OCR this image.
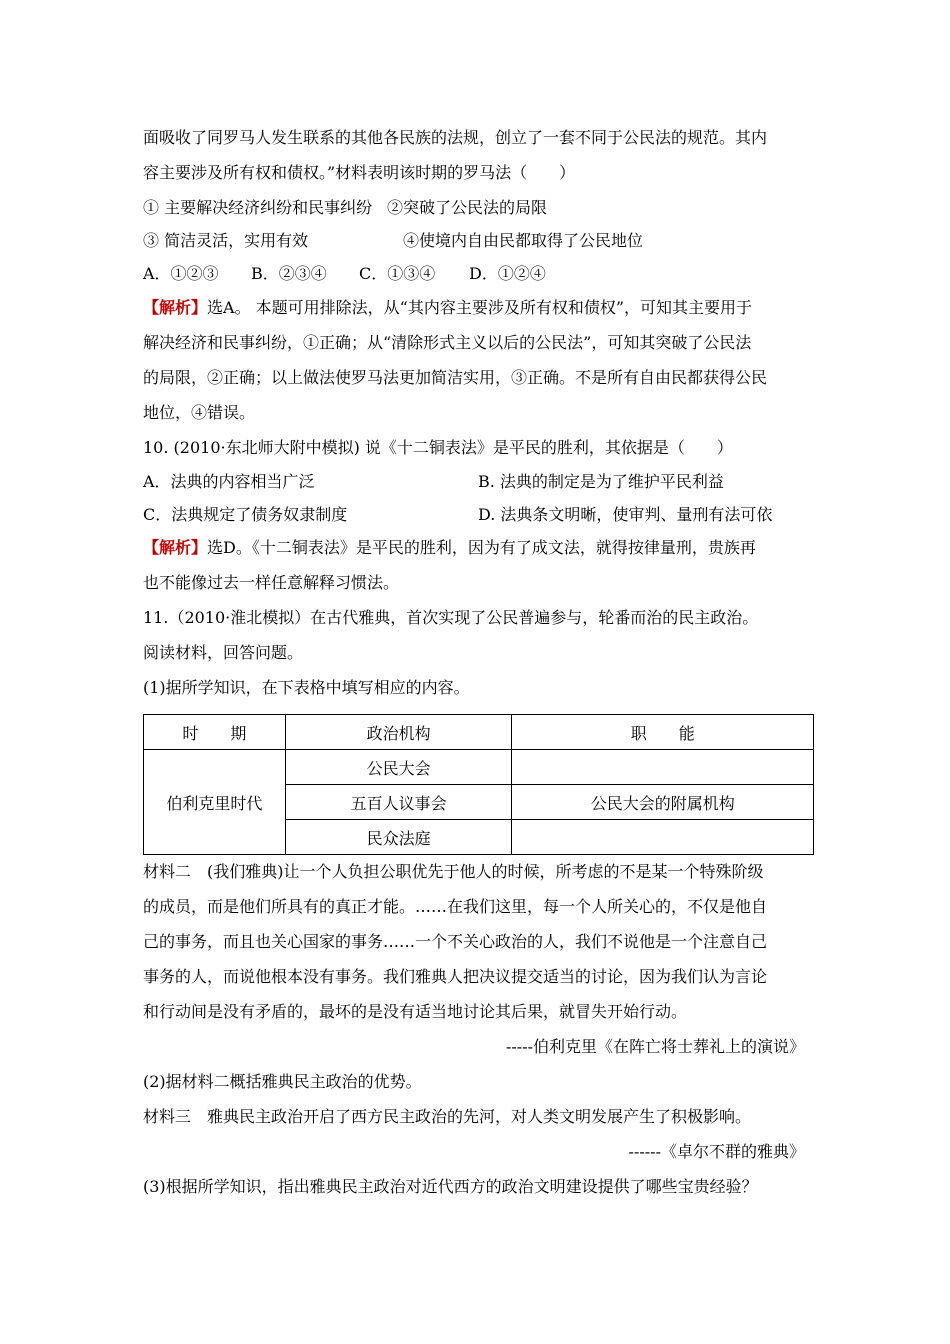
面吸收了同罗马人发生联系的其他各民族的法规，创立了一套不同于公民法的规范。其内
容主要涉及所有权和债权。”材料表明该时期的罗马法（　　）
① 主要解决经济纠纷和民事纠纷 ②突破了公民法的局限
③ 简洁灵活，实用有效	④使境内自由民都取得了公民地位
A．①②③ B．②③④ C．①③④ D．①②④
【解析】选A。 本题可用排除法，从“其内容主要涉及所有权和债权”，可知其主要用于
解决经济和民事纠纷，①正确；从“清除形式主义以后的公民法”，可知其突破了公民法
的局限，②正确；以上做法使罗马法更加简洁实用，③正确。不是所有自由民都获得公民
地位，④错误。
10. (2010·东北师大附中模拟) 说《十二铜表法》是平民的胜利，其依据是（　　）
A．法典的内容相当广泛	B. 法典的制定是为了维护平民利益
C．法典规定了债务奴隶制度	D. 法典条文明晰，使审判、量刑有法可依
【解析】选D。《十二铜表法》是平民的胜利，因为有了成文法，就得按律量刑，贵族再
也不能像过去一样任意解释习惯法。
11.（2010·淮北模拟）在古代雅典，首次实现了公民普遍参与，轮番而治的民主政治。
阅读材料，回答问题。
(1)据所学知识，在下表格中填写相应的内容。
时　　期	政治机构	职　　能
伯利克里时代	公民大会	
	五百人议事会	公民大会的附属机构
	民众法庭	
材料二　(我们雅典)让一个人负担公职优先于他人的时候，所考虑的不是某一个特殊阶级
的成员，而是他们所具有的真正才能。……在我们这里，每一个人所关心的，不仅是他自
己的事务，而且也关心国家的事务……一个不关心政治的人，我们不说他是一个注意自己
事务的人，而说他根本没有事务。我们雅典人把决议提交适当的讨论，因为我们认为言论
和行动间是没有矛盾的，最坏的是没有适当地讨论其后果，就冒失开始行动。
-----伯利克里《在阵亡将士葬礼上的演说》
(2)据材料二概括雅典民主政治的优势。
材料三　雅典民主政治开启了西方民主政治的先河，对人类文明发展产生了积极影响。
------《卓尔不群的雅典》
(3)根据所学知识，指出雅典民主政治对近代西方的政治文明建设提供了哪些宝贵经验？
